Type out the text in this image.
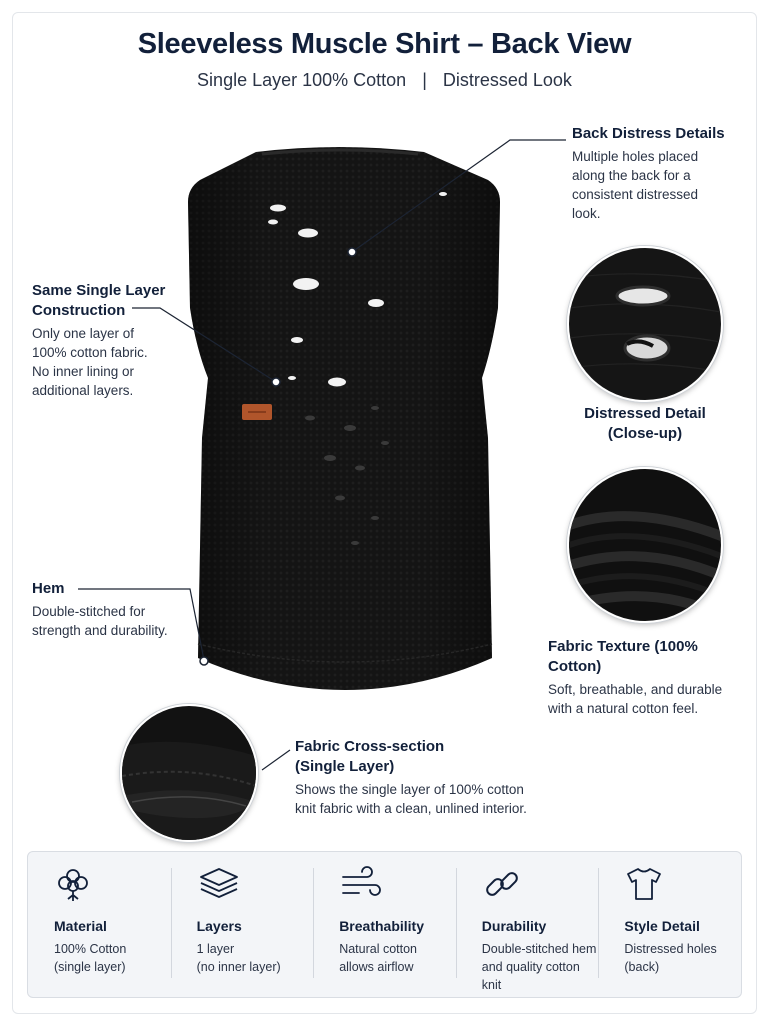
Sleeveless Muscle Shirt – Back View
Single Layer 100% Cotton | Distressed Look
Back Distress Details
Multiple holes placed
along the back for a
consistent distressed
look.
Same Single Layer
Construction
Only one layer of
100% cotton fabric.
No inner lining or
additional layers.
Distressed Detail
(Close-up)
Fabric Texture (100% Cotton)
Soft, breathable, and durable
with a natural cotton feel.
Hem
Double-stitched for
strength and durability.
Fabric Cross-section
(Single Layer)
Shows the single layer of 100% cotton
knit fabric with a clean, unlined interior.
Material
100% Cotton
(single layer)
Layers
1 layer
(no inner layer)
Breathability
Natural cotton
allows airflow
Durability
Double-stitched hem
and quality cotton knit
Style Detail
Distressed holes
(back)
